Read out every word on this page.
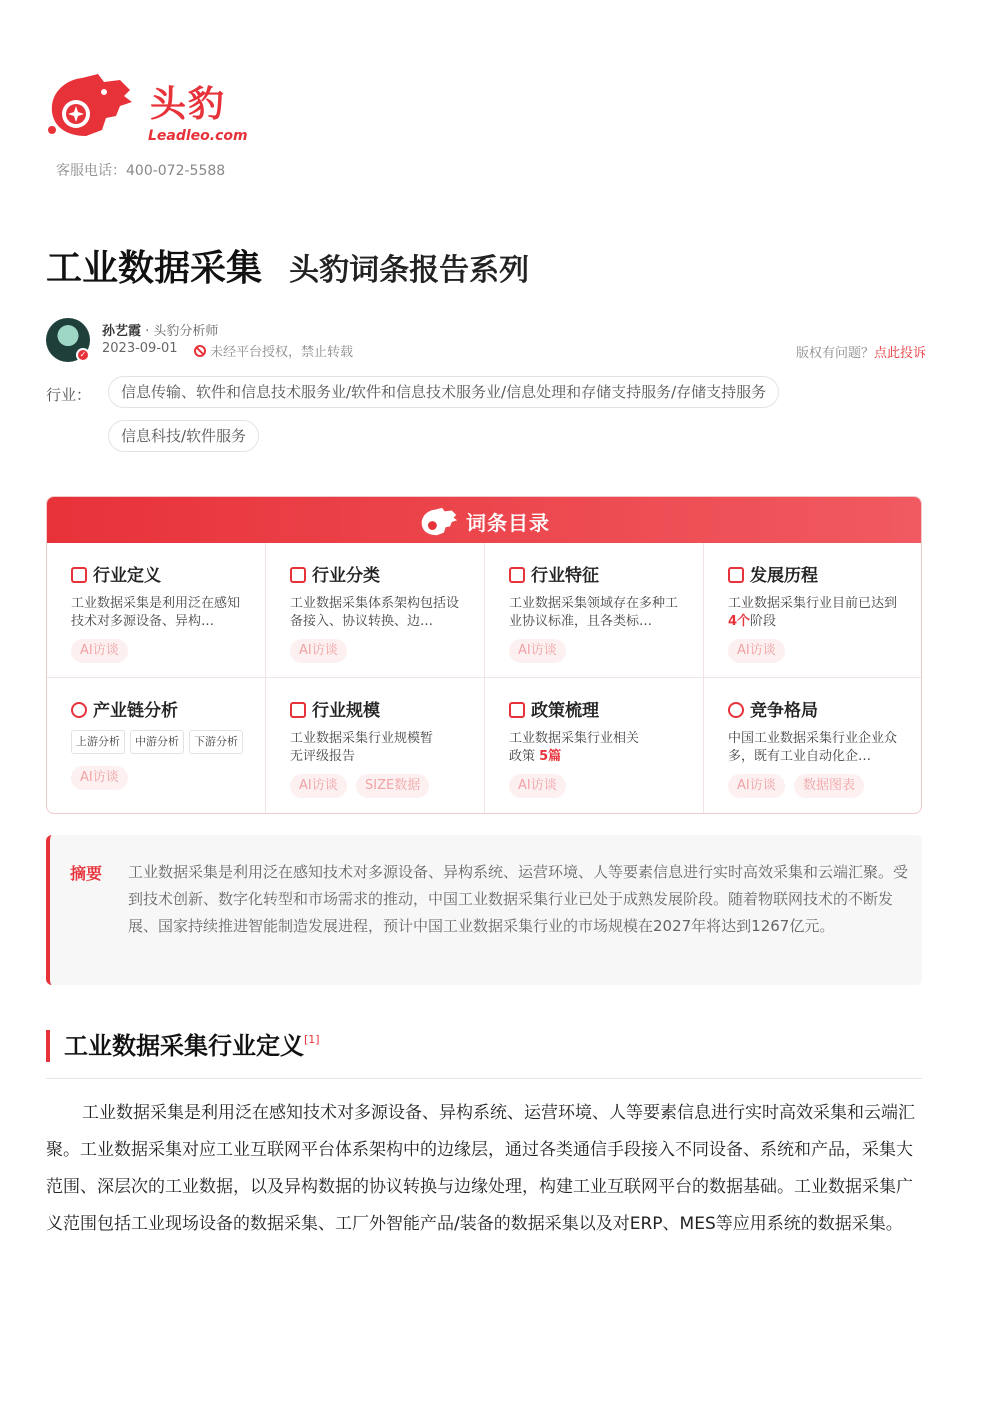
头豹
Leadleo.com
客服电话：400-072-5588
工业数据采集 头豹词条报告系列
✓
孙艺霞 · 头豹分析师
2023-09-01	未经平台授权，禁止转载	版权有问题？点此投诉
行业：	信息传输、软件和信息技术服务业/软件和信息技术服务业/信息处理和存储支持服务/存储支持服务
信息科技/软件服务
词条目录
行业定义
工业数据采集是利用泛在感知技术对多源设备、异构…
AI访谈
行业分类
工业数据采集体系架构包括设备接入、协议转换、边…
AI访谈
行业特征
工业数据采集领域存在多种工业协议标准，且各类标…
AI访谈
发展历程
工业数据采集行业目前已达到4个阶段
AI访谈
产业链分析
上游分析	中游分析	下游分析
AI访谈
行业规模
工业数据采集行业规模暂无评级报告
AI访谈	SIZE数据
政策梳理
工业数据采集行业相关政策 5篇
AI访谈
竞争格局
中国工业数据采集行业企业众多，既有工业自动化企…
AI访谈	数据图表
摘要 工业数据采集是利用泛在感知技术对多源设备、异构系统、运营环境、人等要素信息进行实时高效采集和云端汇聚。受到技术创新、数字化转型和市场需求的推动，中国工业数据采集行业已处于成熟发展阶段。随着物联网技术的不断发展、国家持续推进智能制造发展进程，预计中国工业数据采集行业的市场规模在2027年将达到1267亿元。
工业数据采集行业定义[1]
工业数据采集是利用泛在感知技术对多源设备、异构系统、运营环境、人等要素信息进行实时高效采集和云端汇聚。工业数据采集对应工业互联网平台体系架构中的边缘层，通过各类通信手段接入不同设备、系统和产品，采集大范围、深层次的工业数据，以及异构数据的协议转换与边缘处理，构建工业互联网平台的数据基础。工业数据采集广义范围包括工业现场设备的数据采集、工厂外智能产品/装备的数据采集以及对ERP、MES等应用系统的数据采集。
